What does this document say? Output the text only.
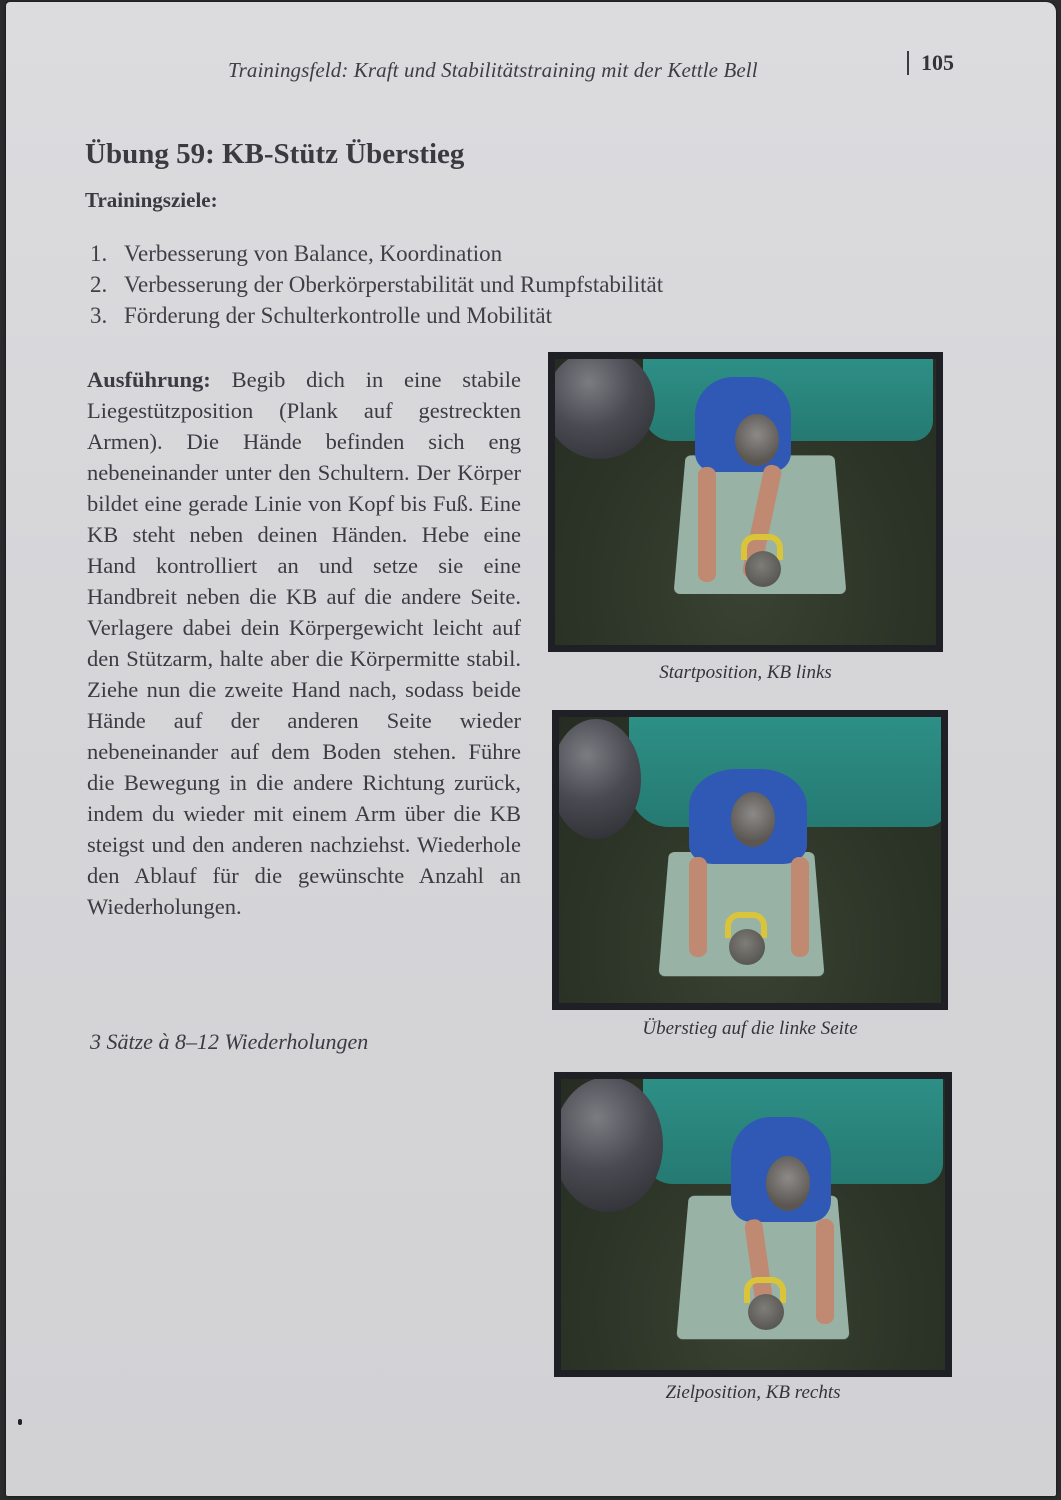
Trainingsfeld: Kraft und Stabilitätstraining mit der Kettle Bell	105
Übung 59: KB-Stütz Überstieg
Trainingsziele:
1. Verbesserung von Balance, Koordination
2. Verbesserung der Oberkörperstabilität und Rumpfstabilität
3. Förderung der Schulterkontrolle und Mobilität
Ausführung: Begib dich in eine stabile Liegestützposition (Plank auf gestreckten Armen). Die Hände befinden sich eng nebeneinander unter den Schultern. Der Körper bildet eine gerade Linie von Kopf bis Fuß. Eine KB steht neben deinen Händen. Hebe eine Hand kontrolliert an und setze sie eine Handbreit neben die KB auf die andere Seite. Verlagere dabei dein Körpergewicht leicht auf den Stützarm, halte aber die Körpermitte stabil. Ziehe nun die zweite Hand nach, sodass beide Hände auf der anderen Seite wieder nebeneinander auf dem Boden stehen. Führe die Bewegung in die andere Richtung zurück, indem du wieder mit einem Arm über die KB steigst und den anderen nachziehst. Wiederhole den Ablauf für die gewünschte Anzahl an Wiederholungen.
3 Sätze à 8–12 Wiederholungen
Startposition, KB links
Überstieg auf die linke Seite
Zielposition, KB rechts
